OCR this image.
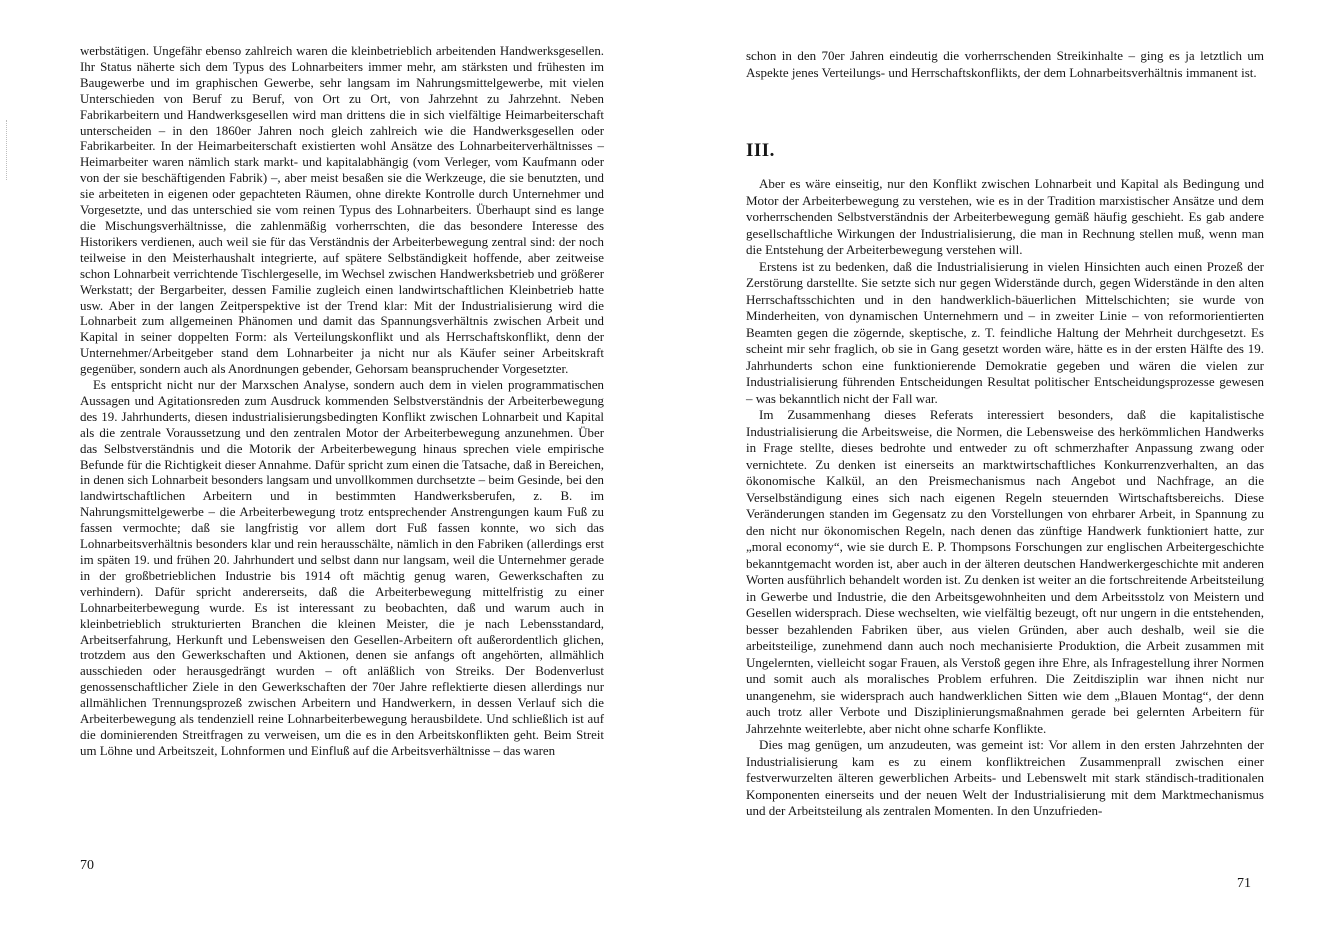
werbstätigen. Ungefähr ebenso zahlreich waren die kleinbetrieblich arbeitenden Handwerksgesellen. Ihr Status näherte sich dem Typus des Lohnarbeiters immer mehr, am stärksten und frühesten im Baugewerbe und im graphischen Gewerbe, sehr langsam im Nahrungsmittelgewerbe, mit vielen Unterschieden von Beruf zu Beruf, von Ort zu Ort, von Jahrzehnt zu Jahrzehnt. Neben Fabrikarbeitern und Handwerksgesellen wird man drittens die in sich vielfältige Heimarbeiterschaft unterscheiden – in den 1860er Jahren noch gleich zahlreich wie die Handwerksgesellen oder Fabrikarbeiter. In der Heimarbeiterschaft existierten wohl Ansätze des Lohnarbeiterverhältnisses – Heimarbeiter waren nämlich stark markt- und kapitalabhängig (vom Verleger, vom Kaufmann oder von der sie beschäftigenden Fabrik) –, aber meist besaßen sie die Werkzeuge, die sie benutzten, und sie arbeiteten in eigenen oder gepachteten Räumen, ohne direkte Kontrolle durch Unternehmer und Vorgesetzte, und das unterschied sie vom reinen Typus des Lohnarbeiters. Überhaupt sind es lange die Mischungsverhältnisse, die zahlenmäßig vorherrschten, die das besondere Interesse des Historikers verdienen, auch weil sie für das Verständnis der Arbeiterbewegung zentral sind: der noch teilweise in den Meisterhaushalt integrierte, auf spätere Selbständigkeit hoffende, aber zeitweise schon Lohnarbeit verrichtende Tischlergeselle, im Wechsel zwischen Handwerksbetrieb und größerer Werkstatt; der Bergarbeiter, dessen Familie zugleich einen landwirtschaftlichen Kleinbetrieb hatte usw. Aber in der langen Zeitperspektive ist der Trend klar: Mit der Industrialisierung wird die Lohnarbeit zum allgemeinen Phänomen und damit das Spannungsverhältnis zwischen Arbeit und Kapital in seiner doppelten Form: als Verteilungskonflikt und als Herrschaftskonflikt, denn der Unternehmer/Arbeitgeber stand dem Lohnarbeiter ja nicht nur als Käufer seiner Arbeitskraft gegenüber, sondern auch als Anordnungen gebender, Gehorsam beanspruchender Vorgesetzter.

Es entspricht nicht nur der Marxschen Analyse, sondern auch dem in vielen programmatischen Aussagen und Agitationsreden zum Ausdruck kommenden Selbstverständnis der Arbeiterbewegung des 19. Jahrhunderts, diesen industrialisierungsbedingten Konflikt zwischen Lohnarbeit und Kapital als die zentrale Voraussetzung und den zentralen Motor der Arbeiterbewegung anzunehmen. Über das Selbstverständnis und die Motorik der Arbeiterbewegung hinaus sprechen viele empirische Befunde für die Richtigkeit dieser Annahme. Dafür spricht zum einen die Tatsache, daß in Bereichen, in denen sich Lohnarbeit besonders langsam und unvollkommen durchsetzte – beim Gesinde, bei den landwirtschaftlichen Arbeitern und in bestimmten Handwerksberufen, z. B. im Nahrungsmittelgewerbe – die Arbeiterbewegung trotz entsprechender Anstrengungen kaum Fuß zu fassen vermochte; daß sie langfristig vor allem dort Fuß fassen konnte, wo sich das Lohnarbeitsverhältnis besonders klar und rein herausschälte, nämlich in den Fabriken (allerdings erst im späten 19. und frühen 20. Jahrhundert und selbst dann nur langsam, weil die Unternehmer gerade in der großbetrieblichen Industrie bis 1914 oft mächtig genug waren, Gewerkschaften zu verhindern). Dafür spricht andererseits, daß die Arbeiterbewegung mittelfristig zu einer Lohnarbeiterbewegung wurde. Es ist interessant zu beobachten, daß und warum auch in kleinbetrieblich strukturierten Branchen die kleinen Meister, die je nach Lebensstandard, Arbeitserfahrung, Herkunft und Lebensweisen den Gesellen-Arbeitern oft außerordentlich glichen, trotzdem aus den Gewerkschaften und Aktionen, denen sie anfangs oft angehörten, allmählich ausschieden oder herausgedrängt wurden – oft anläßlich von Streiks. Der Bodenverlust genossenschaftlicher Ziele in den Gewerkschaften der 70er Jahre reflektierte diesen allerdings nur allmählichen Trennungsprozeß zwischen Arbeitern und Handwerkern, in dessen Verlauf sich die Arbeiterbewegung als tendenziell reine Lohnarbeiterbewegung herausbildete. Und schließlich ist auf die dominierenden Streitfragen zu verweisen, um die es in den Arbeitskonflikten geht. Beim Streit um Löhne und Arbeitszeit, Lohnformen und Einfluß auf die Arbeitsverhältnisse – das waren

70

schon in den 70er Jahren eindeutig die vorherrschenden Streikinhalte – ging es ja letztlich um Aspekte jenes Verteilungs- und Herrschaftskonflikts, der dem Lohnarbeitsverhältnis immanent ist.

III.

Aber es wäre einseitig, nur den Konflikt zwischen Lohnarbeit und Kapital als Bedingung und Motor der Arbeiterbewegung zu verstehen, wie es in der Tradition marxistischer Ansätze und dem vorherrschenden Selbstverständnis der Arbeiterbewegung gemäß häufig geschieht. Es gab andere gesellschaftliche Wirkungen der Industrialisierung, die man in Rechnung stellen muß, wenn man die Entstehung der Arbeiterbewegung verstehen will.

Erstens ist zu bedenken, daß die Industrialisierung in vielen Hinsichten auch einen Prozeß der Zerstörung darstellte. Sie setzte sich nur gegen Widerstände durch, gegen Widerstände in den alten Herrschaftsschichten und in den handwerklich-bäuerlichen Mittelschichten; sie wurde von Minderheiten, von dynamischen Unternehmern und – in zweiter Linie – von reformorientierten Beamten gegen die zögernde, skeptische, z. T. feindliche Haltung der Mehrheit durchgesetzt. Es scheint mir sehr fraglich, ob sie in Gang gesetzt worden wäre, hätte es in der ersten Hälfte des 19. Jahrhunderts schon eine funktionierende Demokratie gegeben und wären die vielen zur Industrialisierung führenden Entscheidungen Resultat politischer Entscheidungsprozesse gewesen – was bekanntlich nicht der Fall war.

Im Zusammenhang dieses Referats interessiert besonders, daß die kapitalistische Industrialisierung die Arbeitsweise, die Normen, die Lebensweise des herkömmlichen Handwerks in Frage stellte, dieses bedrohte und entweder zu oft schmerzhafter Anpassung zwang oder vernichtete. Zu denken ist einerseits an marktwirtschaftliches Konkurrenzverhalten, an das ökonomische Kalkül, an den Preismechanismus nach Angebot und Nachfrage, an die Verselbständigung eines sich nach eigenen Regeln steuernden Wirtschaftsbereichs. Diese Veränderungen standen im Gegensatz zu den Vorstellungen von ehrbarer Arbeit, in Spannung zu den nicht nur ökonomischen Regeln, nach denen das zünftige Handwerk funktioniert hatte, zur „moral economy“, wie sie durch E. P. Thompsons Forschungen zur englischen Arbeitergeschichte bekanntgemacht worden ist, aber auch in der älteren deutschen Handwerkergeschichte mit anderen Worten ausführlich behandelt worden ist. Zu denken ist weiter an die fortschreitende Arbeitsteilung in Gewerbe und Industrie, die den Arbeitsgewohnheiten und dem Arbeitsstolz von Meistern und Gesellen widersprach. Diese wechselten, wie vielfältig bezeugt, oft nur ungern in die entstehenden, besser bezahlenden Fabriken über, aus vielen Gründen, aber auch deshalb, weil sie die arbeitsteilige, zunehmend dann auch noch mechanisierte Produktion, die Arbeit zusammen mit Ungelernten, vielleicht sogar Frauen, als Verstoß gegen ihre Ehre, als Infragestellung ihrer Normen und somit auch als moralisches Problem erfuhren. Die Zeitdisziplin war ihnen nicht nur unangenehm, sie widersprach auch handwerklichen Sitten wie dem „Blauen Montag“, der denn auch trotz aller Verbote und Disziplinierungsmaßnahmen gerade bei gelernten Arbeitern für Jahrzehnte weiterlebte, aber nicht ohne scharfe Konflikte.

Dies mag genügen, um anzudeuten, was gemeint ist: Vor allem in den ersten Jahrzehnten der Industrialisierung kam es zu einem konfliktreichen Zusammenprall zwischen einer festverwurzelten älteren gewerblichen Arbeits- und Lebenswelt mit stark ständisch-traditionalen Komponenten einerseits und der neuen Welt der Industrialisierung mit dem Marktmechanismus und der Arbeitsteilung als zentralen Momenten. In den Unzufrieden-

71
